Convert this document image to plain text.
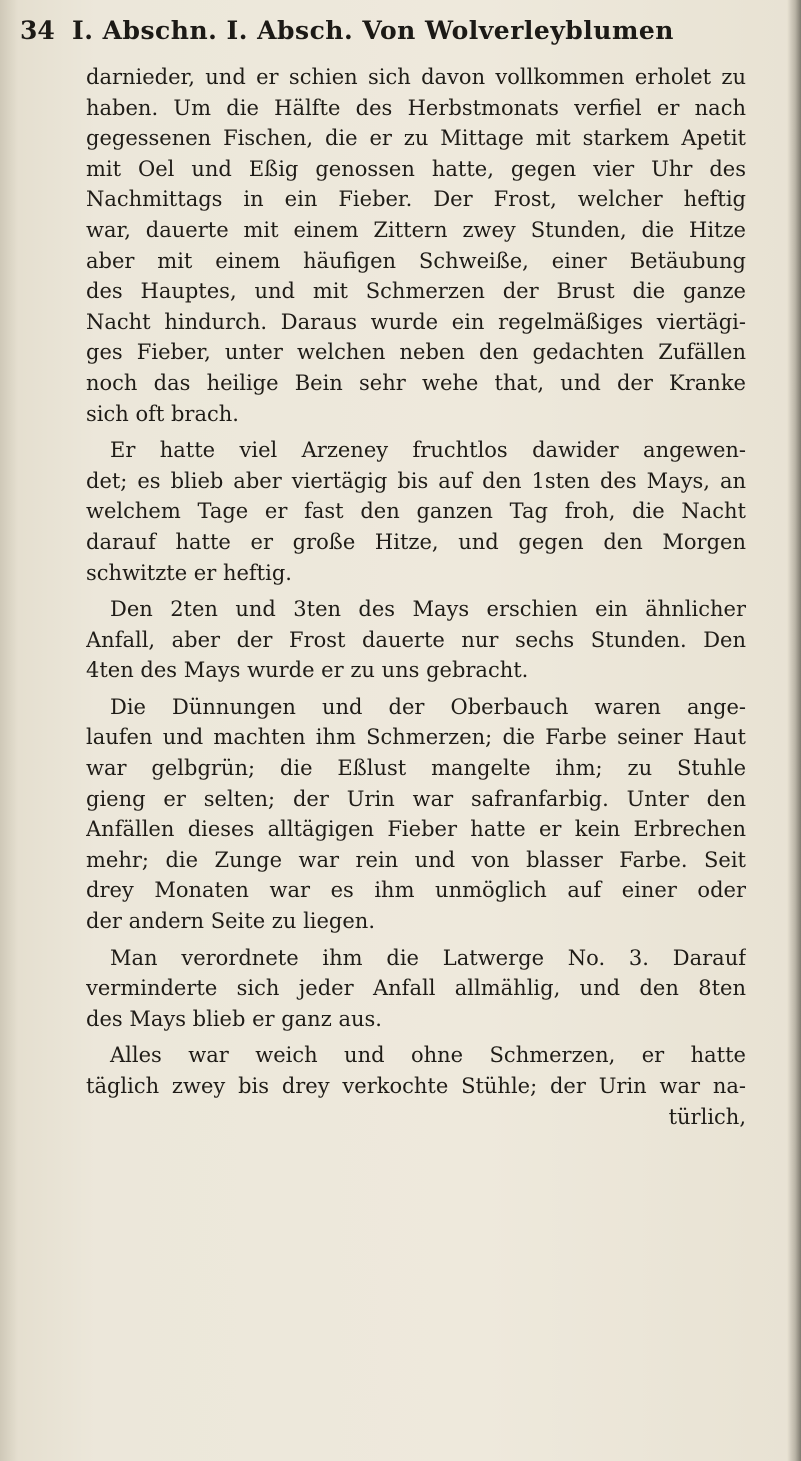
34 I. Abschn. I. Absch. Von Wolverleyblumen
darnieder, und er schien sich davon vollkommen erholet zu
haben. Um die Hälfte des Herbstmonats verfiel er nach
gegessenen Fischen, die er zu Mittage mit starkem Apetit
mit Oel und Eßig genossen hatte, gegen vier Uhr des
Nachmittags in ein Fieber. Der Frost, welcher heftig
war, dauerte mit einem Zittern zwey Stunden, die Hitze
aber mit einem häufigen Schweiße, einer Betäubung
des Hauptes, und mit Schmerzen der Brust die ganze
Nacht hindurch. Daraus wurde ein regelmäßiges viertägi-
ges Fieber, unter welchen neben den gedachten Zufällen
noch das heilige Bein sehr wehe that, und der Kranke
sich oft brach.
Er hatte viel Arzeney fruchtlos dawider angewen-
det; es blieb aber viertägig bis auf den 1sten des Mays, an
welchem Tage er fast den ganzen Tag froh, die Nacht
darauf hatte er große Hitze, und gegen den Morgen
schwitzte er heftig.
Den 2ten und 3ten des Mays erschien ein ähnlicher
Anfall, aber der Frost dauerte nur sechs Stunden. Den
4ten des Mays wurde er zu uns gebracht.
Die Dünnungen und der Oberbauch waren ange-
laufen und machten ihm Schmerzen; die Farbe seiner Haut
war gelbgrün; die Eßlust mangelte ihm; zu Stuhle
gieng er selten; der Urin war safranfarbig. Unter den
Anfällen dieses alltägigen Fieber hatte er kein Erbrechen
mehr; die Zunge war rein und von blasser Farbe. Seit
drey Monaten war es ihm unmöglich auf einer oder
der andern Seite zu liegen.
Man verordnete ihm die Latwerge No. 3. Darauf
verminderte sich jeder Anfall allmählig, und den 8ten
des Mays blieb er ganz aus.
Alles war weich und ohne Schmerzen, er hatte
täglich zwey bis drey verkochte Stühle; der Urin war na-
türlich,
